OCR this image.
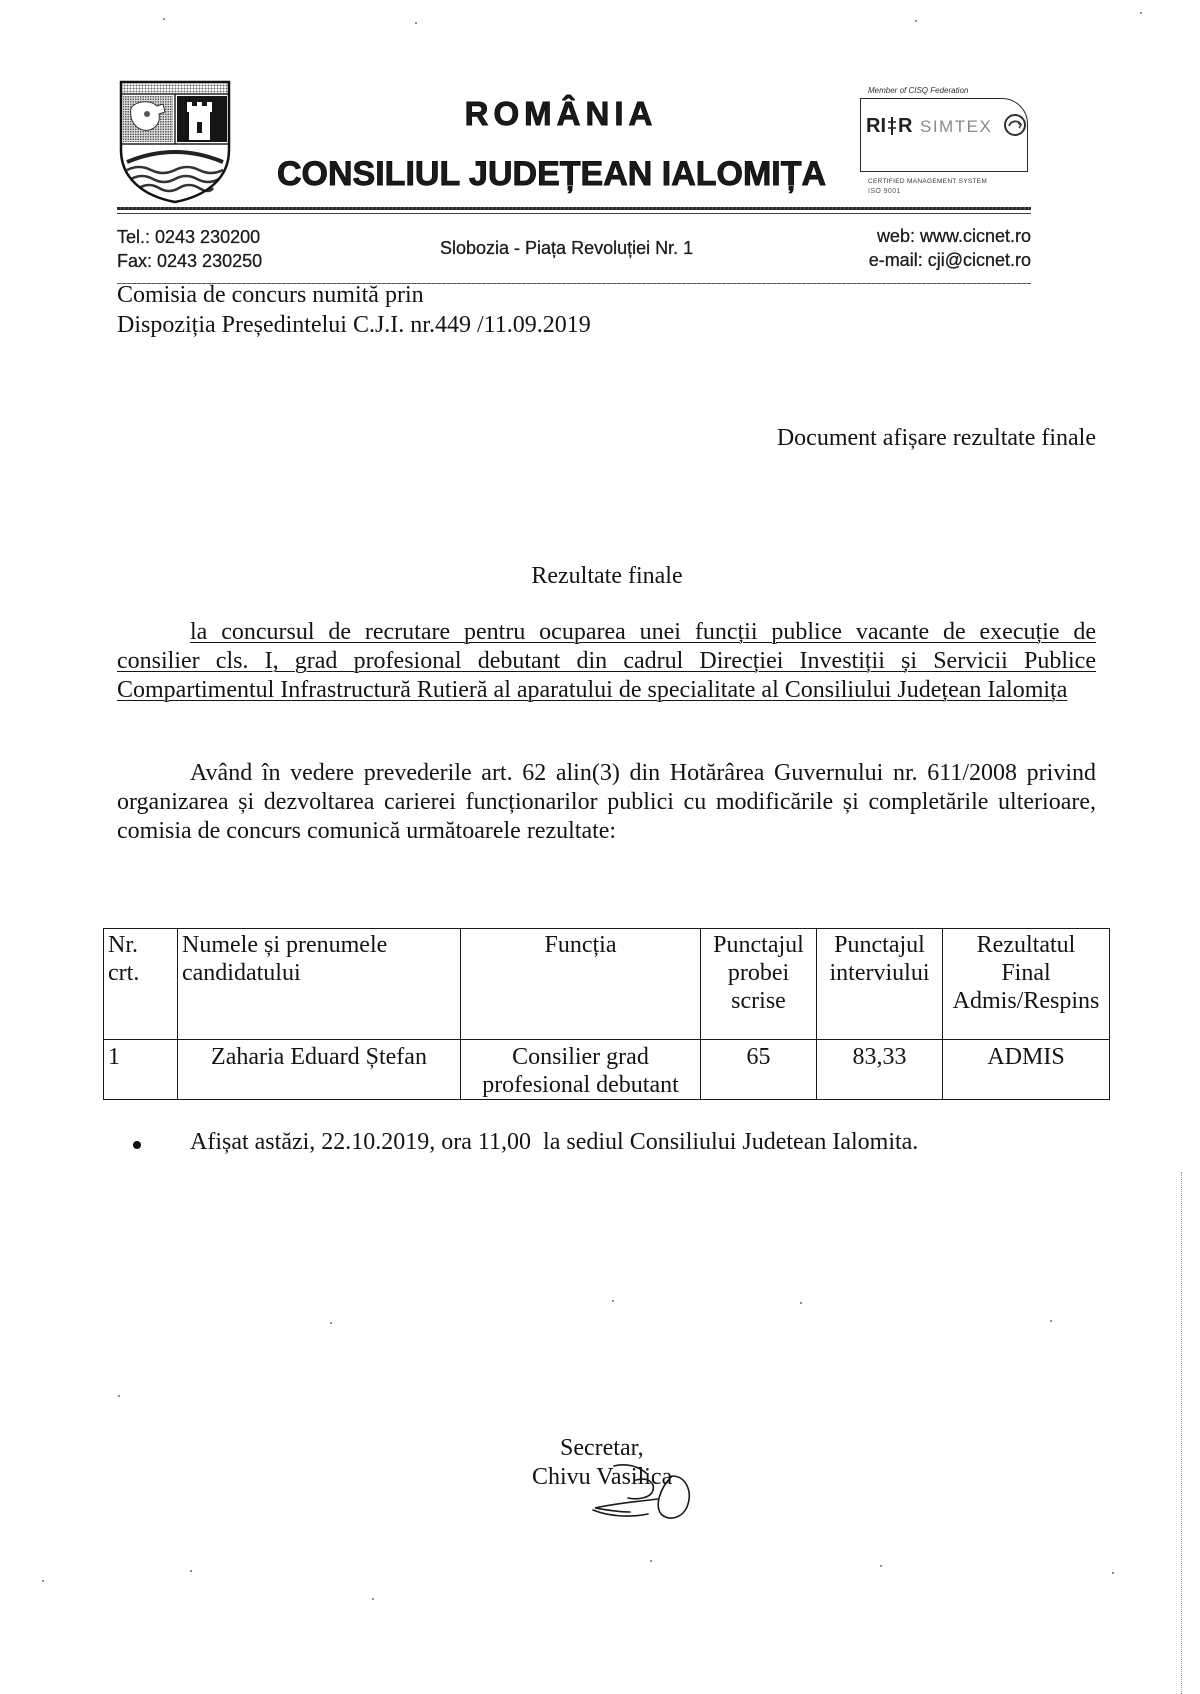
ROMÂNIA
CONSILIUL JUDEȚEAN IALOMIȚA
Member of CISQ Federation
RI R SIMTEX
CERTIFIED MANAGEMENT SYSTEM
ISO 9001
Tel.: 0243 230200
Fax: 0243 230250
Slobozia - Piața Revoluției Nr. 1
web: www.cicnet.ro
e-mail: cji@cicnet.ro
Comisia de concurs numită prin
Dispoziția Președintelui C.J.I. nr.449 /11.09.2019
Document afișare rezultate finale
Rezultate finale
la concursul de recrutare pentru ocuparea unei funcții publice vacante de execuție de
consilier cls. I, grad profesional debutant din cadrul Direcției Investiții și Servicii Publice
Compartimentul Infrastructură Rutieră al aparatului de specialitate al Consiliului Județean Ialomița
Având în vedere prevederile art. 62 alin(3) din Hotărârea Guvernului nr. 611/2008 privind
organizarea și dezvoltarea carierei funcționarilor publici cu modificările și completările ulterioare,
comisia de concurs comunică următoarele rezultate:
Nr.
crt.	Numele și prenumele
candidatului	Funcția	Punctajul
probei
scrise	Punctajul
interviului	Rezultatul
Final
Admis/Respins
1	Zaharia Eduard Ștefan	Consilier grad
profesional debutant	65	83,33	ADMIS
Afișat astăzi, 22.10.2019, ora 11,00  la sediul Consiliului Judetean Ialomita.
Secretar,
Chivu Vasilica
